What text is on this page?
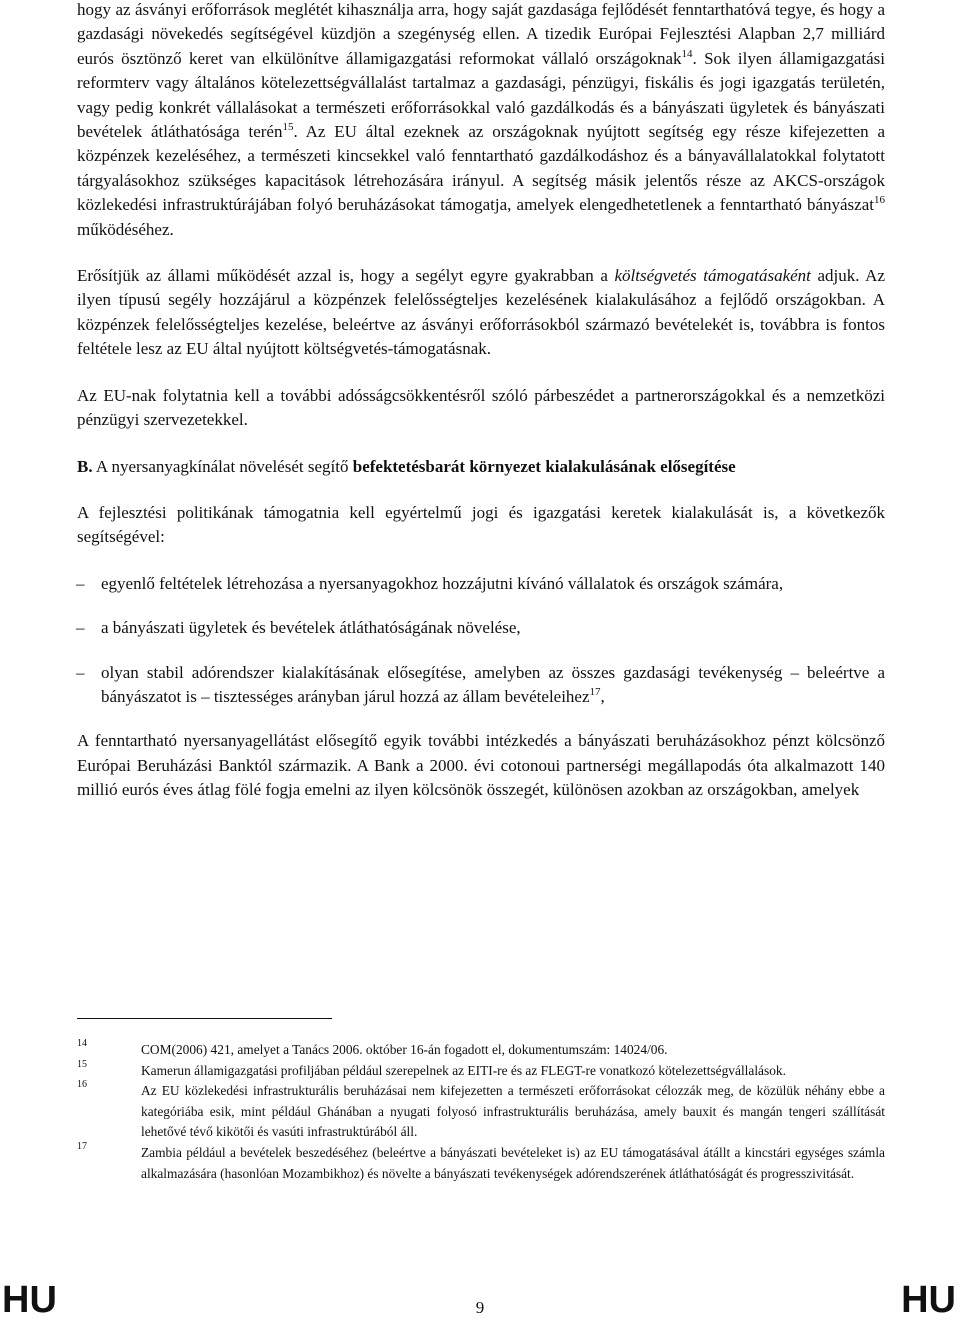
hogy az ásványi erőforrások meglétét kihasználja arra, hogy saját gazdasága fejlődését fenntarthatóvá tegye, és hogy a gazdasági növekedés segítségével küzdjön a szegénység ellen. A tizedik Európai Fejlesztési Alapban 2,7 milliárd eurós ösztönző keret van elkülönítve államigazgatási reformokat vállaló országoknak$^{14}$. Sok ilyen államigazgatási reformterv vagy általános kötelezettségvállalást tartalmaz a gazdasági, pénzügyi, fiskális és jogi igazgatás területén, vagy pedig konkrét vállalásokat a természeti erőforrásokkal való gazdálkodás és a bányászati ügyletek és bányászati bevételek átláthatósága terén$^{15}$. Az EU által ezeknek az országoknak nyújtott segítség egy része kifejezetten a közpénzek kezeléséhez, a természeti kincsekkel való fenntartható gazdálkodáshoz és a bányavállalatokkal folytatott tárgyalásokhoz szükséges kapacitások létrehozására irányul. A segítség másik jelentős része az AKCS-országok közlekedési infrastruktúrájában folyó beruházásokat támogatja, amelyek elengedhetetlenek a fenntartható bányászat$^{16}$ működéséhez.

Erősítjük az állami működését azzal is, hogy a segélyt egyre gyakrabban a költségvetés támogatásaként adjuk. Az ilyen típusú segély hozzájárul a közpénzek felelősségteljes kezelésének kialakulásához a fejlődő országokban. A közpénzek felelősségteljes kezelése, beleértve az ásványi erőforrásokból származó bevételekét is, továbbra is fontos feltétele lesz az EU által nyújtott költségvetés-támogatásnak.

Az EU-nak folytatnia kell a további adósságcsökkentésről szóló párbeszédet a partnerországokkal és a nemzetközi pénzügyi szervezetekkel.

B. A nyersanyagkínálat növelését segítő befektetésbarát környezet kialakulásának elősegítése

A fejlesztési politikának támogatnia kell egyértelmű jogi és igazgatási keretek kialakulását is, a következők segítségével:

– egyenlő feltételek létrehozása a nyersanyagokhoz hozzájutni kívánó vállalatok és országok számára,
– a bányászati ügyletek és bevételek átláthatóságának növelése,
– olyan stabil adórendszer kialakításának elősegítése, amelyben az összes gazdasági tevékenység – beleértve a bányászatot is – tisztességes arányban járul hozzá az állam bevételeihez$^{17}$,

A fenntartható nyersanyagellátást elősegítő egyik további intézkedés a bányászati beruházásokhoz pénzt kölcsönző Európai Beruházási Banktól származik. A Bank a 2000. évi cotonoui partnerségi megállapodás óta alkalmazott 140 millió eurós éves átlag fölé fogja emelni az ilyen kölcsönök összegét, különösen azokban az országokban, amelyek

14	COM(2006) 421, amelyet a Tanács 2006. október 16-án fogadott el, dokumentumszám: 14024/06.
15	Kamerun államigazgatási profiljában például szerepelnek az EITI-re és az FLEGT-re vonatkozó kötelezettségvállalások.
16	Az EU közlekedési infrastrukturális beruházásai nem kifejezetten a természeti erőforrásokat célozzák meg, de közülük néhány ebbe a kategóriába esik, mint például Ghánában a nyugati folyosó infrastrukturális beruházása, amely bauxit és mangán tengeri szállítását lehetővé tévő kikötői és vasúti infrastruktúrából áll.
17	Zambia például a bevételek beszedéséhez (beleértve a bányászati bevételeket is) az EU támogatásával átállt a kincstári egységes számla alkalmazására (hasonlóan Mozambikhoz) és növelte a bányászati tevékenységek adórendszerének átláthatóságát és progresszivitását.
HU	9	HU
